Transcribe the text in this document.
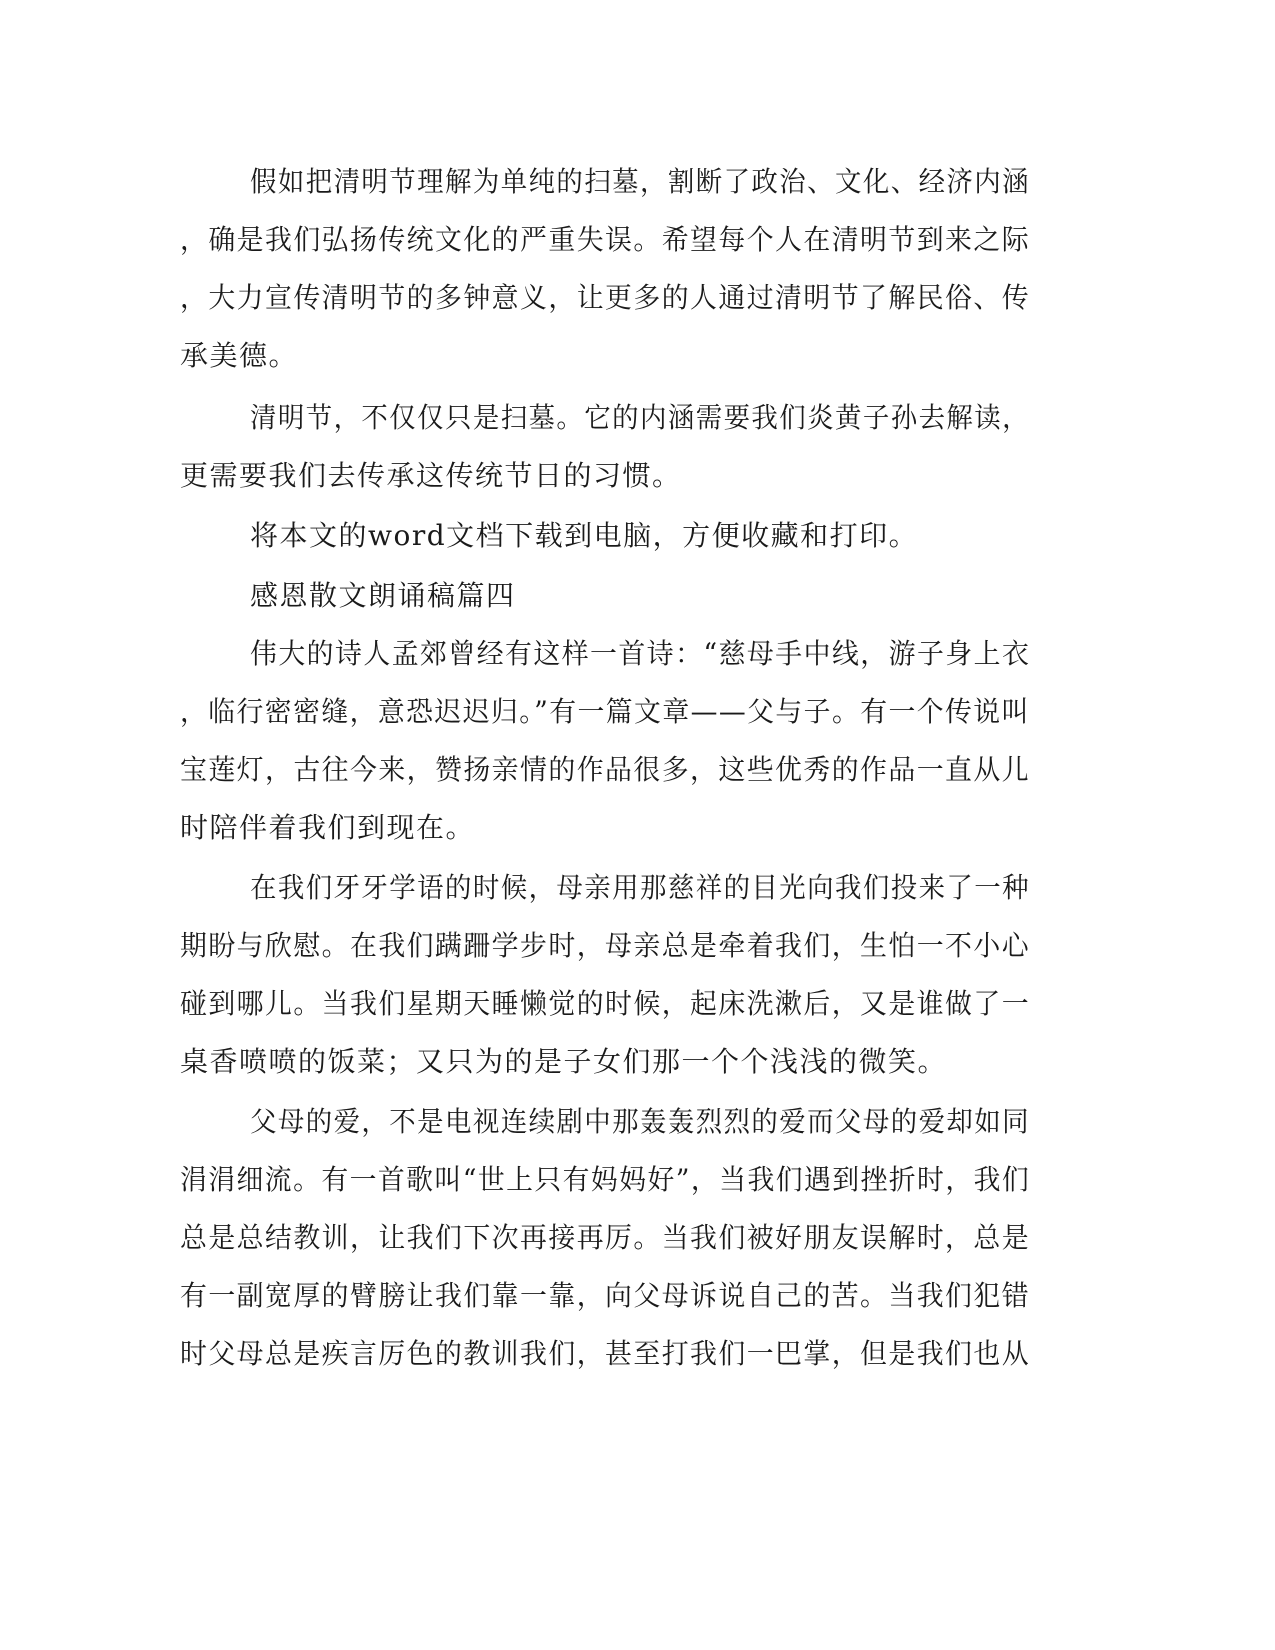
假如把清明节理解为单纯的扫墓，割断了政治、文化、经济内涵
，确是我们弘扬传统文化的严重失误。希望每个人在清明节到来之际
，大力宣传清明节的多钟意义，让更多的人通过清明节了解民俗、传
承美德。
清明节，不仅仅只是扫墓。它的内涵需要我们炎黄子孙去解读，
更需要我们去传承这传统节日的习惯。
将本文的word文档下载到电脑，方便收藏和打印。
感恩散文朗诵稿篇四
伟大的诗人孟郊曾经有这样一首诗：“慈母手中线，游子身上衣
，临行密密缝，意恐迟迟归。”有一篇文章——父与子。有一个传说叫
宝莲灯，古往今来，赞扬亲情的作品很多，这些优秀的作品一直从儿
时陪伴着我们到现在。
在我们牙牙学语的时候，母亲用那慈祥的目光向我们投来了一种
期盼与欣慰。在我们蹒跚学步时，母亲总是牵着我们，生怕一不小心
碰到哪儿。当我们星期天睡懒觉的时候，起床洗漱后，又是谁做了一
桌香喷喷的饭菜；又只为的是子女们那一个个浅浅的微笑。
父母的爱，不是电视连续剧中那轰轰烈烈的爱而父母的爱却如同
涓涓细流。有一首歌叫“世上只有妈妈好”，当我们遇到挫折时，我们
总是总结教训，让我们下次再接再厉。当我们被好朋友误解时，总是
有一副宽厚的臂膀让我们靠一靠，向父母诉说自己的苦。当我们犯错
时父母总是疾言厉色的教训我们，甚至打我们一巴掌，但是我们也从
